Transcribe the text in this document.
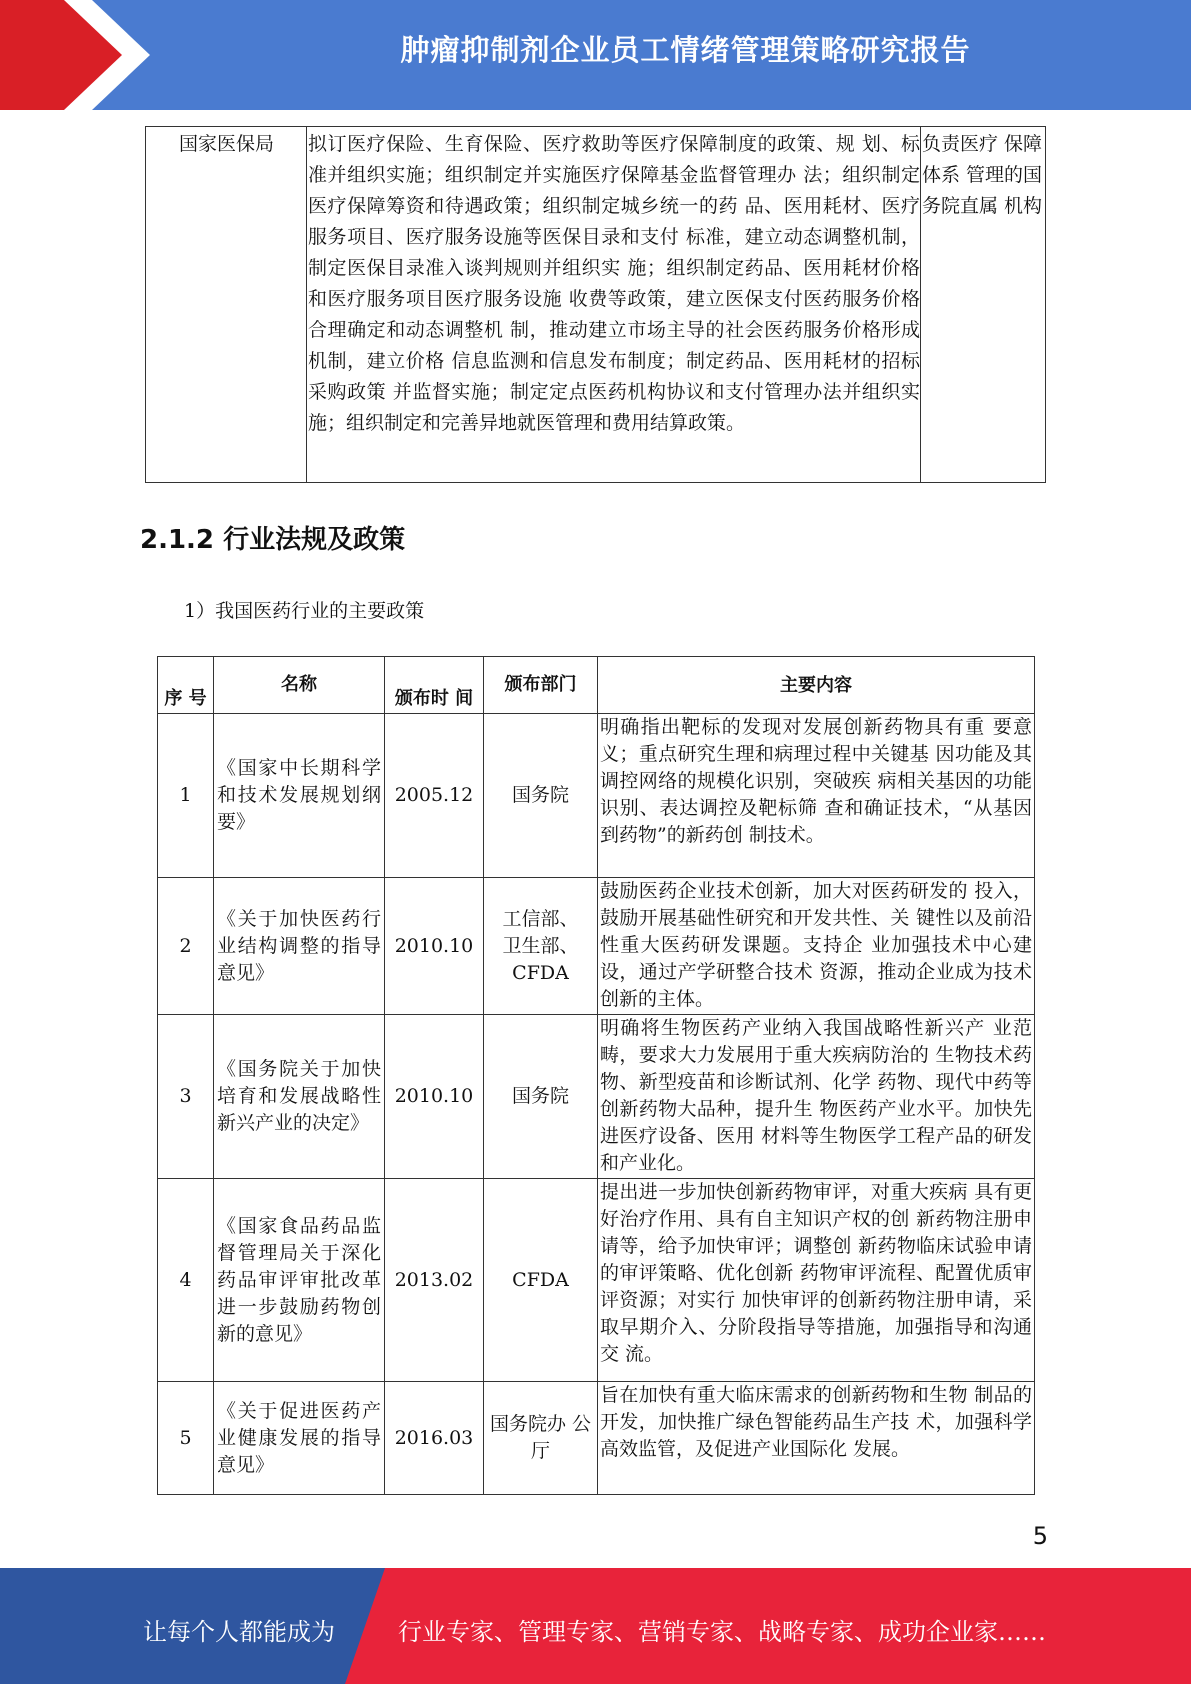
肿瘤抑制剂企业员工情绪管理策略研究报告
国家医保局	拟订医疗保险、生育保险、医疗救助等医疗保障制度的政策、规 划、标准并组织实施；组织制定并实施医疗保障基金监督管理办 法；组织制定医疗保障筹资和待遇政策；组织制定城乡统一的药 品、医用耗材、医疗服务项目、医疗服务设施等医保目录和支付 标准，建立动态调整机制，制定医保目录准入谈判规则并组织实 施；组织制定药品、医用耗材价格和医疗服务项目医疗服务设施 收费等政策，建立医保支付医药服务价格合理确定和动态调整机 制，推动建立市场主导的社会医药服务价格形成机制，建立价格 信息监测和信息发布制度；制定药品、医用耗材的招标采购政策 并监督实施；制定定点医药机构协议和支付管理办法并组织实 施；组织制定和完善异地就医管理和费用结算政策。	负责医疗 保障体系 管理的国 务院直属 机构
2.1.2 行业法规及政策
1）我国医药行业的主要政策
序 号	名称	颁布时 间	颁布部门	主要内容
1	《国家中长期科学和技术发展规划纲要》	2005.12	国务院	明确指出靶标的发现对发展创新药物具有重 要意义；重点研究生理和病理过程中关键基 因功能及其调控网络的规模化识别，突破疾 病相关基因的功能识别、表达调控及靶标筛 查和确证技术，“从基因到药物”的新药创 制技术。
2	《关于加快医药行业结构调整的指导意见》	2010.10	工信部、卫生部、CFDA	鼓励医药企业技术创新，加大对医药研发的 投入，鼓励开展基础性研究和开发共性、关 键性以及前沿性重大医药研发课题。支持企 业加强技术中心建设，通过产学研整合技术 资源，推动企业成为技术创新的主体。
3	《国务院关于加快培育和发展战略性新兴产业的决定》	2010.10	国务院	明确将生物医药产业纳入我国战略性新兴产 业范畴，要求大力发展用于重大疾病防治的 生物技术药物、新型疫苗和诊断试剂、化学 药物、现代中药等创新药物大品种，提升生 物医药产业水平。加快先进医疗设备、医用 材料等生物医学工程产品的研发和产业化。
4	《国家食品药品监督管理局关于深化药品审评审批改革进一步鼓励药物创新的意见》	2013.02	CFDA	提出进一步加快创新药物审评，对重大疾病 具有更好治疗作用、具有自主知识产权的创 新药物注册申请等，给予加快审评；调整创 新药物临床试验申请的审评策略、优化创新 药物审评流程、配置优质审评资源；对实行 加快审评的创新药物注册申请，采取早期介入、分阶段指导等措施，加强指导和沟通交 流。
5	《关于促进医药产业健康发展的指导意见》	2016.03	国务院办 公厅	旨在加快有重大临床需求的创新药物和生物 制品的开发，加快推广绿色智能药品生产技 术，加强科学高效监管，及促进产业国际化 发展。
5
让每个人都能成为	行业专家、管理专家、营销专家、战略专家、成功企业家……
